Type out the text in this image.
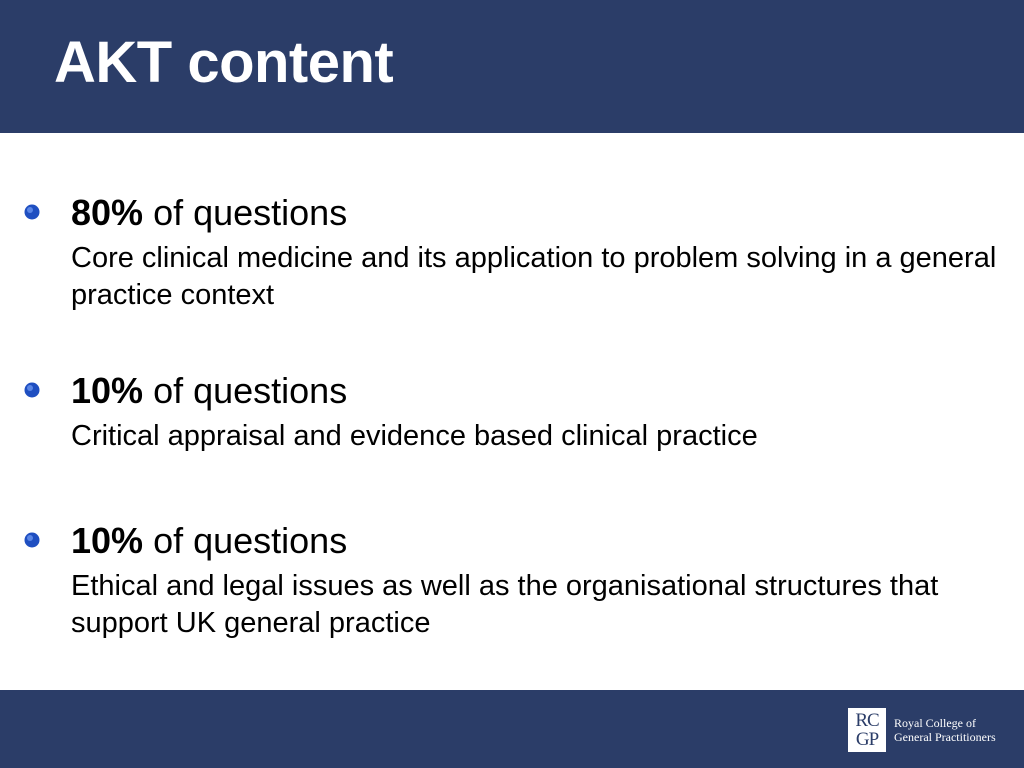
AKT content
80% of questions
Core clinical medicine and its application to problem solving in a general practice context
10% of questions
Critical appraisal and evidence based clinical practice
10% of questions
Ethical and legal issues as well as the organisational structures that support UK general practice
RC
GP
Royal College of
General Practitioners
